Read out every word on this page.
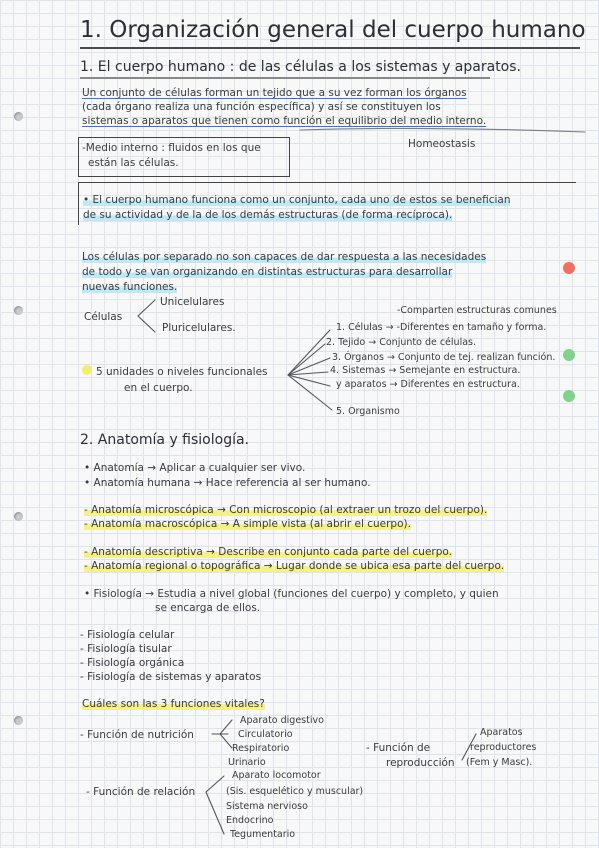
1. Organización general del cuerpo humano
1. El cuerpo humano : de las células a los sistemas y aparatos.
Un conjunto de células forman un tejido que a su vez forman los órganos
(cada órgano realiza una función específica) y así se constituyen los
sistemas o aparatos que tienen como función el equilibrio del medio interno.
-Medio interno : fluidos en los que
están las células.
Homeostasis
• El cuerpo humano funciona como un conjunto, cada uno de estos se benefician
de su actividad y de la de los demás estructuras (de forma recíproca).
Los células por separado no son capaces de dar respuesta a las necesidades
de todo y se van organizando en distintas estructuras para desarrollar
nuevas funciones.
Células
Unicelulares
Pluricelulares.
5 unidades o niveles funcionales
en el cuerpo.
-Comparten estructuras comunes
1. Células → -Diferentes en tamaño y forma.
2. Tejido → Conjunto de células.
3. Órganos → Conjunto de tej. realizan función.
4. Sistemas → Semejante en estructura.
y aparatos → Diferentes en estructura.
5. Organismo
2. Anatomía y fisiología.
• Anatomía → Aplicar a cualquier ser vivo.
• Anatomía humana → Hace referencia al ser humano.
- Anatomía microscópica → Con microscopio (al extraer un trozo del cuerpo).
- Anatomía macroscópica → A simple vista (al abrir el cuerpo).
- Anatomía descriptiva → Describe en conjunto cada parte del cuerpo.
- Anatomía regional o topográfica → Lugar donde se ubica esa parte del cuerpo.
• Fisiología → Estudia a nivel global (funciones del cuerpo) y completo, y quien
se encarga de ellos.
- Fisiología celular
- Fisiología tisular
- Fisiología orgánica
- Fisiología de sistemas y aparatos
Cuáles son las 3 funciones vitales?
- Función de nutrición
Aparato digestivo
Circulatorio
Respiratorio
Urinario
- Función de
reproducción
Aparatos
reproductores
(Fem y Masc).
- Función de relación
Aparato locomotor
(Sis. esquelético y muscular)
Sistema nervioso
Endocrino
Tegumentario
